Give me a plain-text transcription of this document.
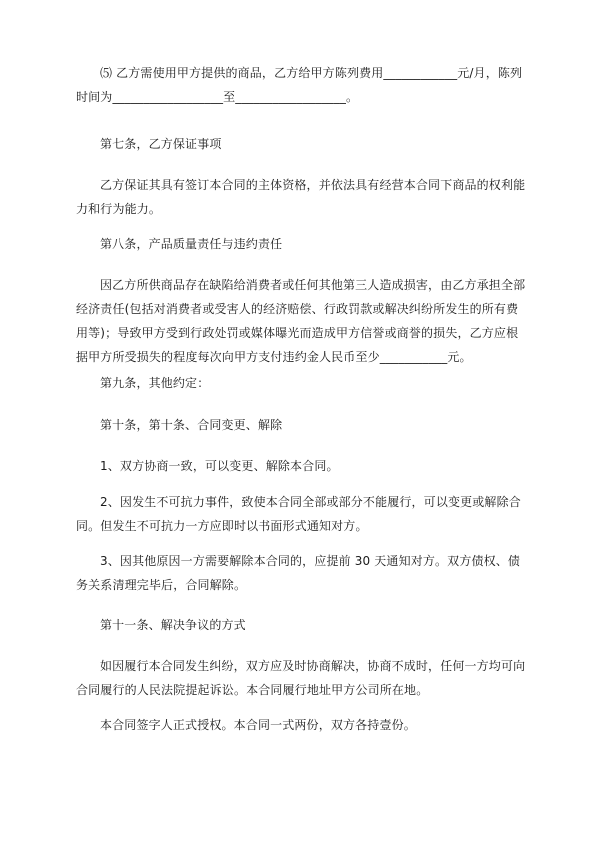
⑸ 乙方需使用甲方提供的商品，乙方给甲方陈列费用____________元/月，陈列时间为__________________至__________________。

第七条，乙方保证事项

乙方保证其具有签订本合同的主体资格，并依法具有经营本合同下商品的权利能力和行为能力。

第八条，产品质量责任与违约责任

因乙方所供商品存在缺陷给消费者或任何其他第三人造成损害，由乙方承担全部经济责任(包括对消费者或受害人的经济赔偿、行政罚款或解决纠纷所发生的所有费用等)；导致甲方受到行政处罚或媒体曝光而造成甲方信誉或商誉的损失，乙方应根据甲方所受损失的程度每次向甲方支付违约金人民币至少___________元。

第九条，其他约定：

第十条，第十条、合同变更、解除

1、双方协商一致，可以变更、解除本合同。

2、因发生不可抗力事件，致使本合同全部或部分不能履行，可以变更或解除合同。但发生不可抗力一方应即时以书面形式通知对方。

3、因其他原因一方需要解除本合同的，应提前 30 天通知对方。双方债权、债务关系清理完毕后，合同解除。

第十一条、解决争议的方式

如因履行本合同发生纠纷，双方应及时协商解决，协商不成时，任何一方均可向合同履行的人民法院提起诉讼。本合同履行地址甲方公司所在地。

本合同签字人正式授权。本合同一式两份，双方各持壹份。
